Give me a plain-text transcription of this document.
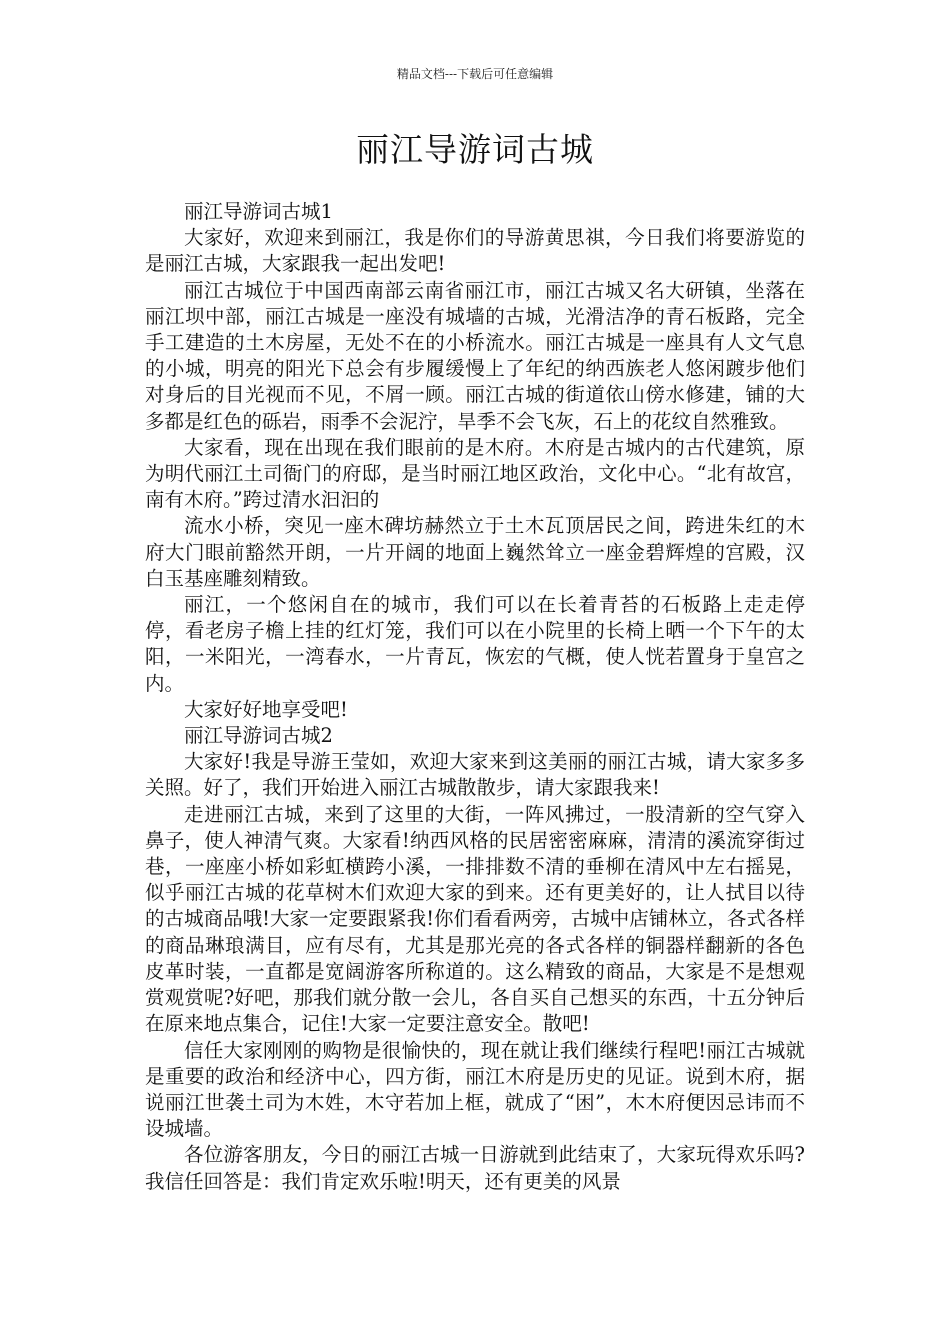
精品文档---下载后可任意编辑
丽江导游词古城

丽江导游词古城1

大家好，欢迎来到丽江，我是你们的导游黄思祺，今日我们将要游览的是丽江古城，大家跟我一起出发吧!

丽江古城位于中国西南部云南省丽江市，丽江古城又名大研镇，坐落在丽江坝中部，丽江古城是一座没有城墙的古城，光滑洁净的青石板路，完全手工建造的土木房屋，无处不在的小桥流水。丽江古城是一座具有人文气息的小城，明亮的阳光下总会有步履缓慢上了年纪的纳西族老人悠闲踱步他们对身后的目光视而不见，不屑一顾。丽江古城的街道依山傍水修建，铺的大多都是红色的砾岩，雨季不会泥泞，旱季不会飞灰，石上的花纹自然雅致。

大家看，现在出现在我们眼前的是木府。木府是古城内的古代建筑，原为明代丽江土司衙门的府邸，是当时丽江地区政治，文化中心。“北有故宫，南有木府。”跨过清水汩汩的

流水小桥，突见一座木碑坊赫然立于土木瓦顶居民之间，跨进朱红的木府大门眼前豁然开朗，一片开阔的地面上巍然耸立一座金碧辉煌的宫殿，汉白玉基座雕刻精致。

丽江，一个悠闲自在的城市，我们可以在长着青苔的石板路上走走停停，看老房子檐上挂的红灯笼，我们可以在小院里的长椅上晒一个下午的太阳，一米阳光，一湾春水，一片青瓦，恢宏的气概，使人恍若置身于皇宫之内。

大家好好地享受吧!

丽江导游词古城2

大家好!我是导游王莹如，欢迎大家来到这美丽的丽江古城，请大家多多关照。好了，我们开始进入丽江古城散散步，请大家跟我来!

走进丽江古城，来到了这里的大街，一阵风拂过，一股清新的空气穿入鼻子，使人神清气爽。大家看!纳西风格的民居密密麻麻，清清的溪流穿街过巷，一座座小桥如彩虹横跨小溪，一排排数不清的垂柳在清风中左右摇晃，似乎丽江古城的花草树木们欢迎大家的到来。还有更美好的，让人拭目以待的古城商品哦!大家一定要跟紧我!你们看看两旁，古城中店铺林立，各式各样的商品琳琅满目，应有尽有，尤其是那光亮的各式各样的铜器样翻新的各色皮革时装，一直都是宽阔游客所称道的。这么精致的商品，大家是不是想观赏观赏呢?好吧，那我们就分散一会儿，各自买自己想买的东西，十五分钟后在原来地点集合，记住!大家一定要注意安全。散吧!

信任大家刚刚的购物是很愉快的，现在就让我们继续行程吧!丽江古城就是重要的政治和经济中心，四方街，丽江木府是历史的见证。说到木府，据说丽江世袭土司为木姓，木守若加上框，就成了“困”，木木府便因忌讳而不设城墙。

各位游客朋友，今日的丽江古城一日游就到此结束了，大家玩得欢乐吗?我信任回答是：我们肯定欢乐啦!明天，还有更美的风景
